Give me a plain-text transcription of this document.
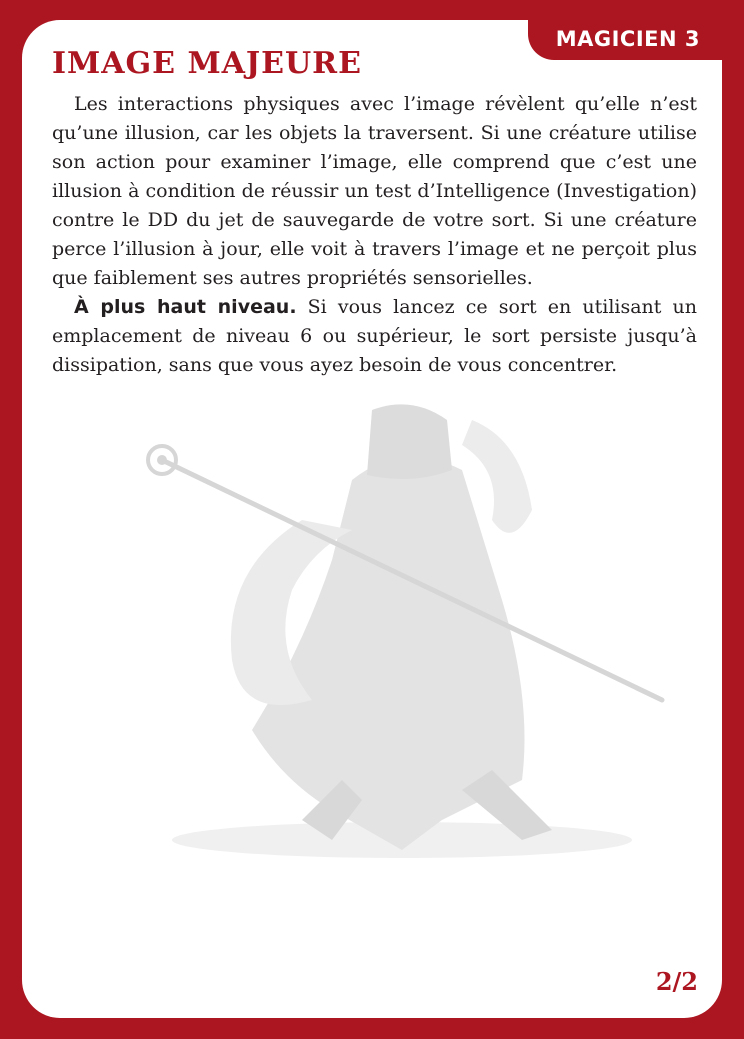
MAGICIEN 3
IMAGE MAJEURE

Les interactions physiques avec l’image révèlent qu’elle n’est qu’une illusion, car les objets la traversent. Si une créature utilise son action pour examiner l’image, elle comprend que c’est une illusion à condition de réussir un test d’Intelligence (Investigation) contre le DD du jet de sauvegarde de votre sort. Si une créature perce l’illusion à jour, elle voit à travers l’image et ne perçoit plus que faiblement ses autres propriétés sensorielles.

À plus haut niveau. Si vous lancez ce sort en utilisant un emplacement de niveau 6 ou supérieur, le sort persiste jusqu’à dissipation, sans que vous ayez besoin de vous concentrer.

2/2
